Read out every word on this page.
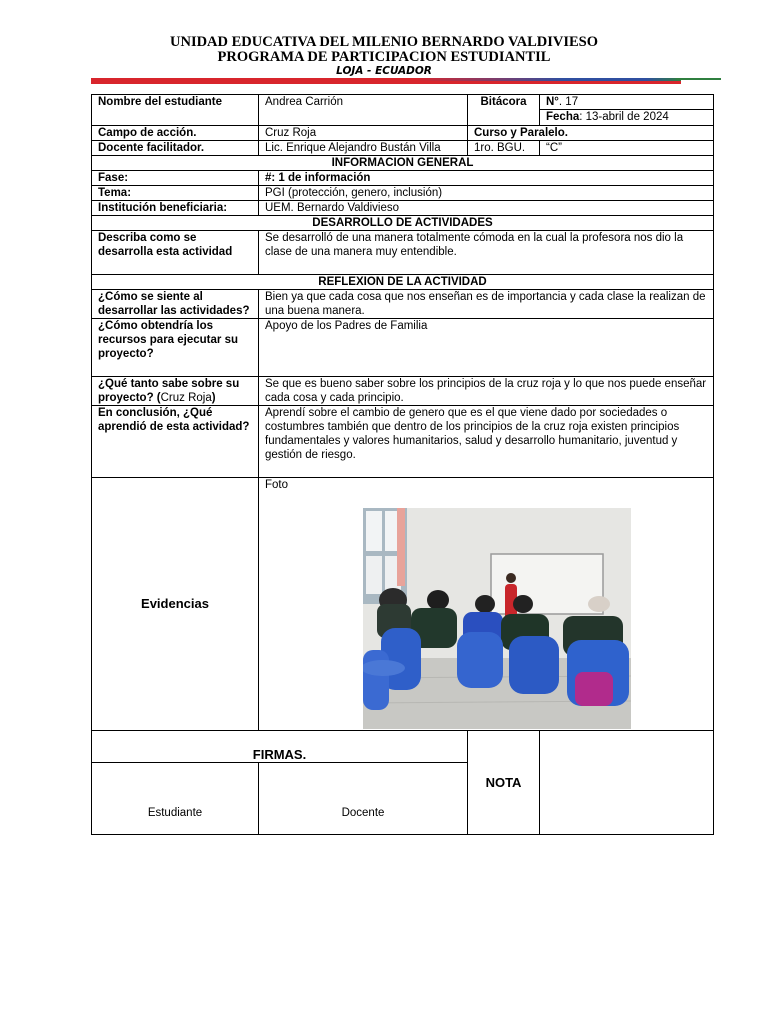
UNIDAD EDUCATIVA DEL MILENIO BERNARDO VALDIVIESO
PROGRAMA DE PARTICIPACION ESTUDIANTIL
LOJA - ECUADOR
Nombre del estudiante	Andrea Carrión	Bitácora	N°. 17
			Fecha: 13-abril de 2024
Campo de acción.	Cruz Roja	Curso y Paralelo.	
Docente facilitador.	Lic. Enrique Alejandro Bustán Villa	1ro. BGU.	“C”
INFORMACION GENERAL			
Fase:	#: 1 de información		
Tema:	PGI (protección, genero, inclusión)		
Institución beneficiaria:	UEM. Bernardo Valdivieso		
DESARROLLO DE ACTIVIDADES			
Describa como se desarrolla esta actividad	Se desarrolló de una manera totalmente cómoda en la cual la profesora nos dio la clase de una manera muy entendible.		
REFLEXION DE LA ACTIVIDAD			
¿Cómo se siente al desarrollar las actividades?	Bien ya que cada cosa que nos enseñan es de importancia y cada clase la realizan de una buena manera.		
¿Cómo obtendría los recursos para ejecutar su proyecto?	Apoyo de los Padres de Familia		
¿Qué tanto sabe sobre su proyecto? (Cruz Roja)	Se que es bueno saber sobre los principios de la cruz roja y lo que nos puede enseñar cada cosa y cada principio.		
En conclusión, ¿Qué aprendió de esta actividad?	Aprendí sobre el cambio de genero que es el que viene dado por sociedades o costumbres también que dentro de los principios de la cruz roja existen principios fundamentales y valores humanitarios, salud y desarrollo humanitario, juventud y gestión de riesgo.		
Evidencias	Foto		

FIRMAS.		NOTA	
Estudiante	Docente		
